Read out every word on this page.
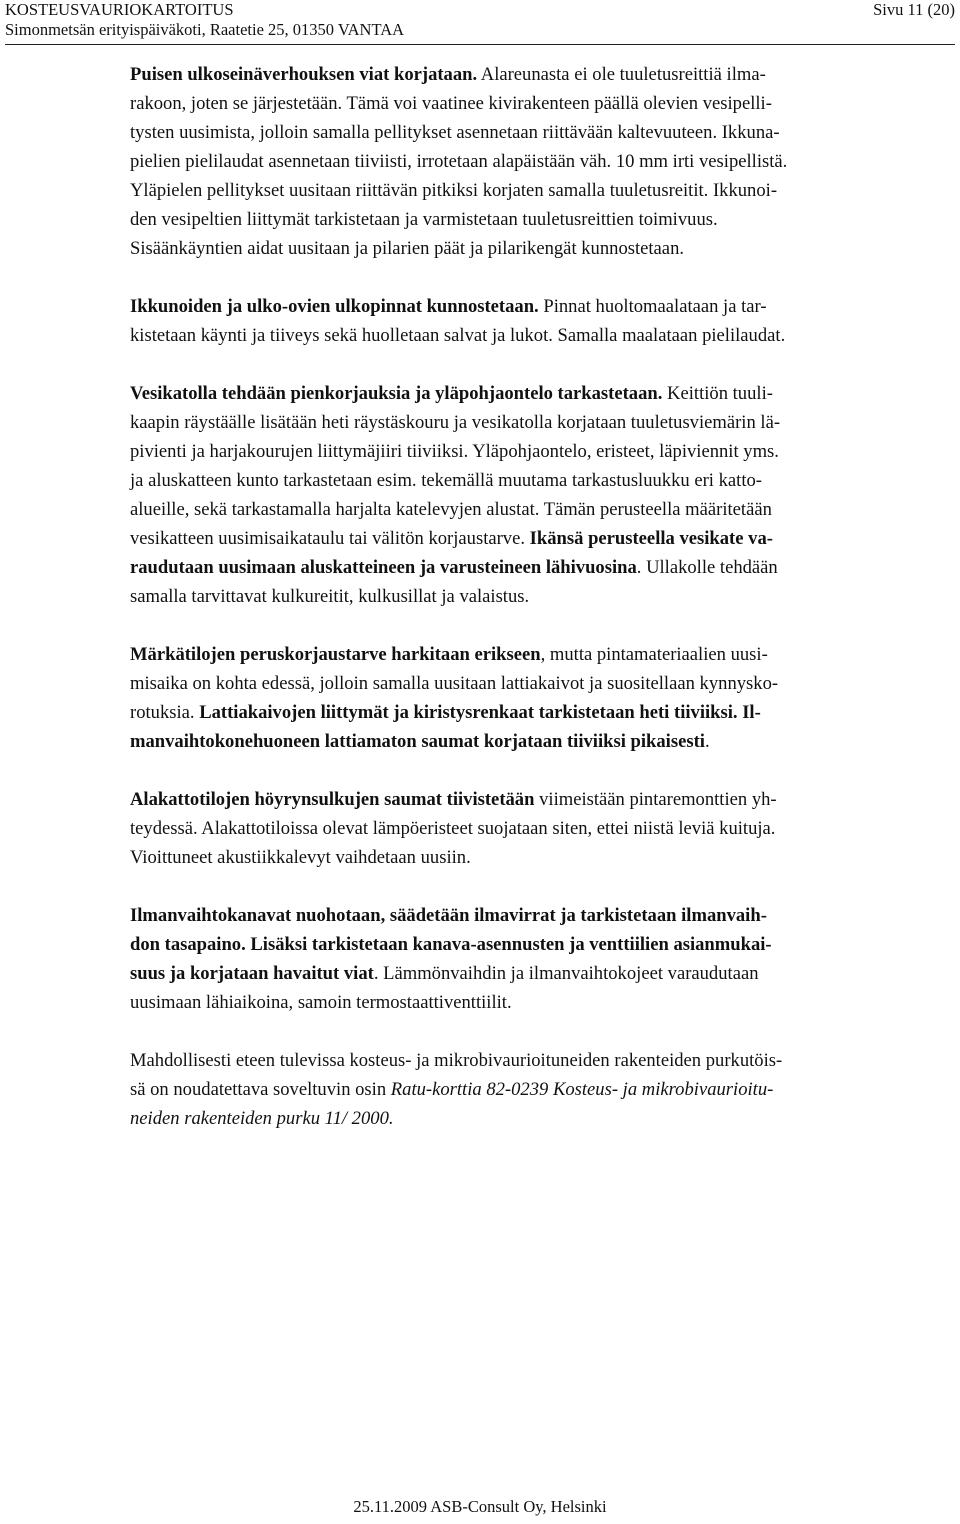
KOSTEUSVAURIOKARTOITUS	Sivu 11 (20)
Simonmetsän erityispäiväkoti, Raatetie 25, 01350 VANTAA
Puisen ulkoseinäverhouksen viat korjataan. Alareunasta ei ole tuuletusreittiä ilma-
rakoon, joten se järjestetään. Tämä voi vaatinee kivirakenteen päällä olevien vesipelli-
tysten uusimista, jolloin samalla pellitykset asennetaan riittävään kaltevuuteen. Ikkuna-
pielien pielilaudat asennetaan tiiviisti, irrotetaan alapäistään väh. 10 mm irti vesipellistä.
Yläpielen pellitykset uusitaan riittävän pitkiksi korjaten samalla tuuletusreitit. Ikkunoi-
den vesipeltien liittymät tarkistetaan ja varmistetaan tuuletusreittien toimivuus.
Sisäänkäyntien aidat uusitaan ja pilarien päät ja pilarikengät kunnostetaan.
Ikkunoiden ja ulko-ovien ulkopinnat kunnostetaan. Pinnat huoltomaalataan ja tar-
kistetaan käynti ja tiiveys sekä huolletaan salvat ja lukot. Samalla maalataan pielilaudat.
Vesikatolla tehdään pienkorjauksia ja yläpohjaontelo tarkastetaan. Keittiön tuuli-
kaapin räystäälle lisätään heti räystäskouru ja vesikatolla korjataan tuuletusviemärin lä-
pivienti ja harjakourujen liittymäjiiri tiiviiksi. Yläpohjaontelo, eristeet, läpiviennit yms.
ja aluskatteen kunto tarkastetaan esim. tekemällä muutama tarkastusluukku eri katto-
alueille, sekä tarkastamalla harjalta katelevyjen alustat. Tämän perusteella määritetään
vesikatteen uusimisaikataulu tai välitön korjaustarve. Ikänsä perusteella vesikate va-
raudutaan uusimaan aluskatteineen ja varusteineen lähivuosina. Ullakolle tehdään
samalla tarvittavat kulkureitit, kulkusillat ja valaistus.
Märkätilojen peruskorjaustarve harkitaan erikseen, mutta pintamateriaalien uusi-
misaika on kohta edessä, jolloin samalla uusitaan lattiakaivot ja suositellaan kynnysko-
rotuksia. Lattiakaivojen liittymät ja kiristysrenkaat tarkistetaan heti tiiviiksi. Il-
manvaihtokonehuoneen lattiamaton saumat korjataan tiiviiksi pikaisesti.
Alakattotilojen höyrynsulkujen saumat tiivistetään viimeistään pintaremonttien yh-
teydessä. Alakattotiloissa olevat lämpöeristeet suojataan siten, ettei niistä leviä kuituja.
Vioittuneet akustiikkalevyt vaihdetaan uusiin.
Ilmanvaihtokanavat nuohotaan, säädetään ilmavirrat ja tarkistetaan ilmanvaih-
don tasapaino. Lisäksi tarkistetaan kanava-asennusten ja venttiilien asianmukai-
suus ja korjataan havaitut viat. Lämmönvaihdin ja ilmanvaihtokojeet varaudutaan
uusimaan lähiaikoina, samoin termostaattiventtiilit.
Mahdollisesti eteen tulevissa kosteus- ja mikrobivaurioituneiden rakenteiden purkutöis-
sä on noudatettava soveltuvin osin Ratu-korttia 82-0239 Kosteus- ja mikrobivaurioitu-
neiden rakenteiden purku 11/ 2000.
25.11.2009 ASB-Consult Oy, Helsinki
